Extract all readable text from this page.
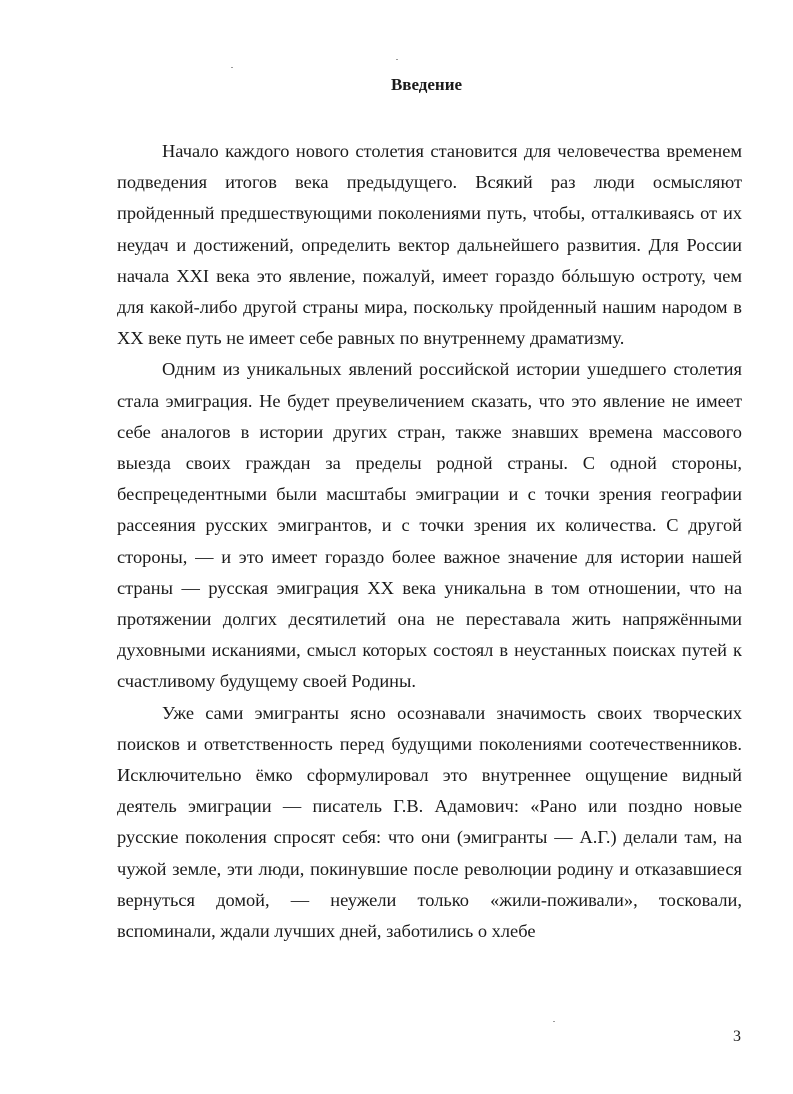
Введение

Начало каждого нового столетия становится для человечества временем подведения итогов века предыдущего. Всякий раз люди осмысляют пройденный предшествующими поколениями путь, чтобы, отталкиваясь от их неудач и достижений, определить вектор дальнейшего развития. Для России начала XXI века это явление, пожалуй, имеет гораздо бóльшую остроту, чем для какой-либо другой страны мира, поскольку пройденный нашим народом в XX веке путь не имеет себе равных по внутреннему драматизму.

Одним из уникальных явлений российской истории ушедшего столетия стала эмиграция. Не будет преувеличением сказать, что это явление не имеет себе аналогов в истории других стран, также знавших времена массового выезда своих граждан за пределы родной страны. С одной стороны, беспрецедентными были масштабы эмиграции и с точки зрения географии рассеяния русских эмигрантов, и с точки зрения их количества. С другой стороны, — и это имеет гораздо более важное значение для истории нашей страны — русская эмиграция XX века уникальна в том отношении, что на протяжении долгих десятилетий она не переставала жить напряжёнными духовными исканиями, смысл которых состоял в неустанных поисках путей к счастливому будущему своей Родины.

Уже сами эмигранты ясно осознавали значимость своих творческих поисков и ответственность перед будущими поколениями соотечественников. Исключительно ёмко сформулировал это внутреннее ощущение видный деятель эмиграции — писатель Г.В. Адамович: «Рано или поздно новые русские поколения спросят себя: что они (эмигранты — А.Г.) делали там, на чужой земле, эти люди, покинувшие после революции родину и отказавшиеся вернуться домой, — неужели только «жили-поживали», тосковали, вспоминали, ждали лучших дней, заботились о хлебе

3
